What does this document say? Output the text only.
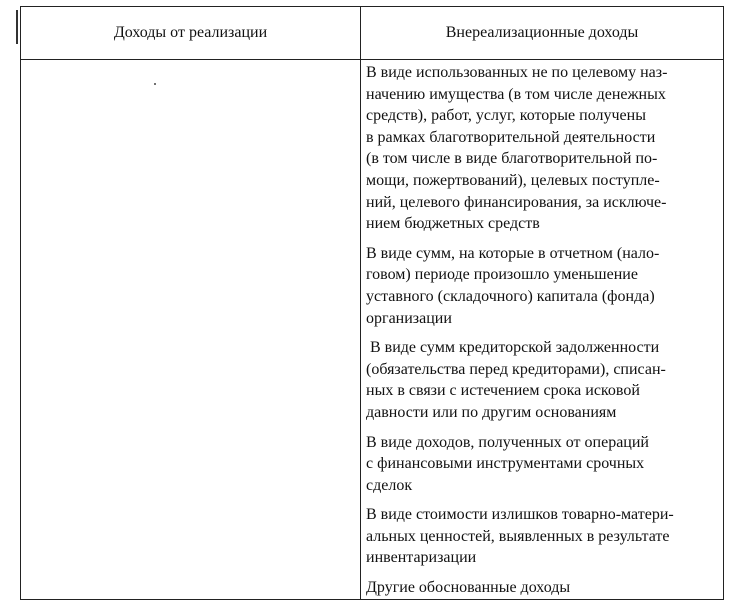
Доходы от реализации	Внереализационные доходы

В виде использованных не по целевому наз-
начению имущества (в том числе денежных
средств), работ, услуг, которые получены
в рамках благотворительной деятельности
(в том числе в виде благотворительной по-
мощи, пожертвований), целевых поступле-
ний, целевого финансирования, за исключе-
нием бюджетных средств

В виде сумм, на которые в отчетном (нало-
говом) периоде произошло уменьшение
уставного (складочного) капитала (фонда)
организации

В виде сумм кредиторской задолженности
(обязательства перед кредиторами), списан-
ных в связи с истечением срока исковой
давности или по другим основаниям

В виде доходов, полученных от операций
с финансовыми инструментами срочных
сделок

В виде стоимости излишков товарно-матери-
альных ценностей, выявленных в результате
инвентаризации

Другие обоснованные доходы
